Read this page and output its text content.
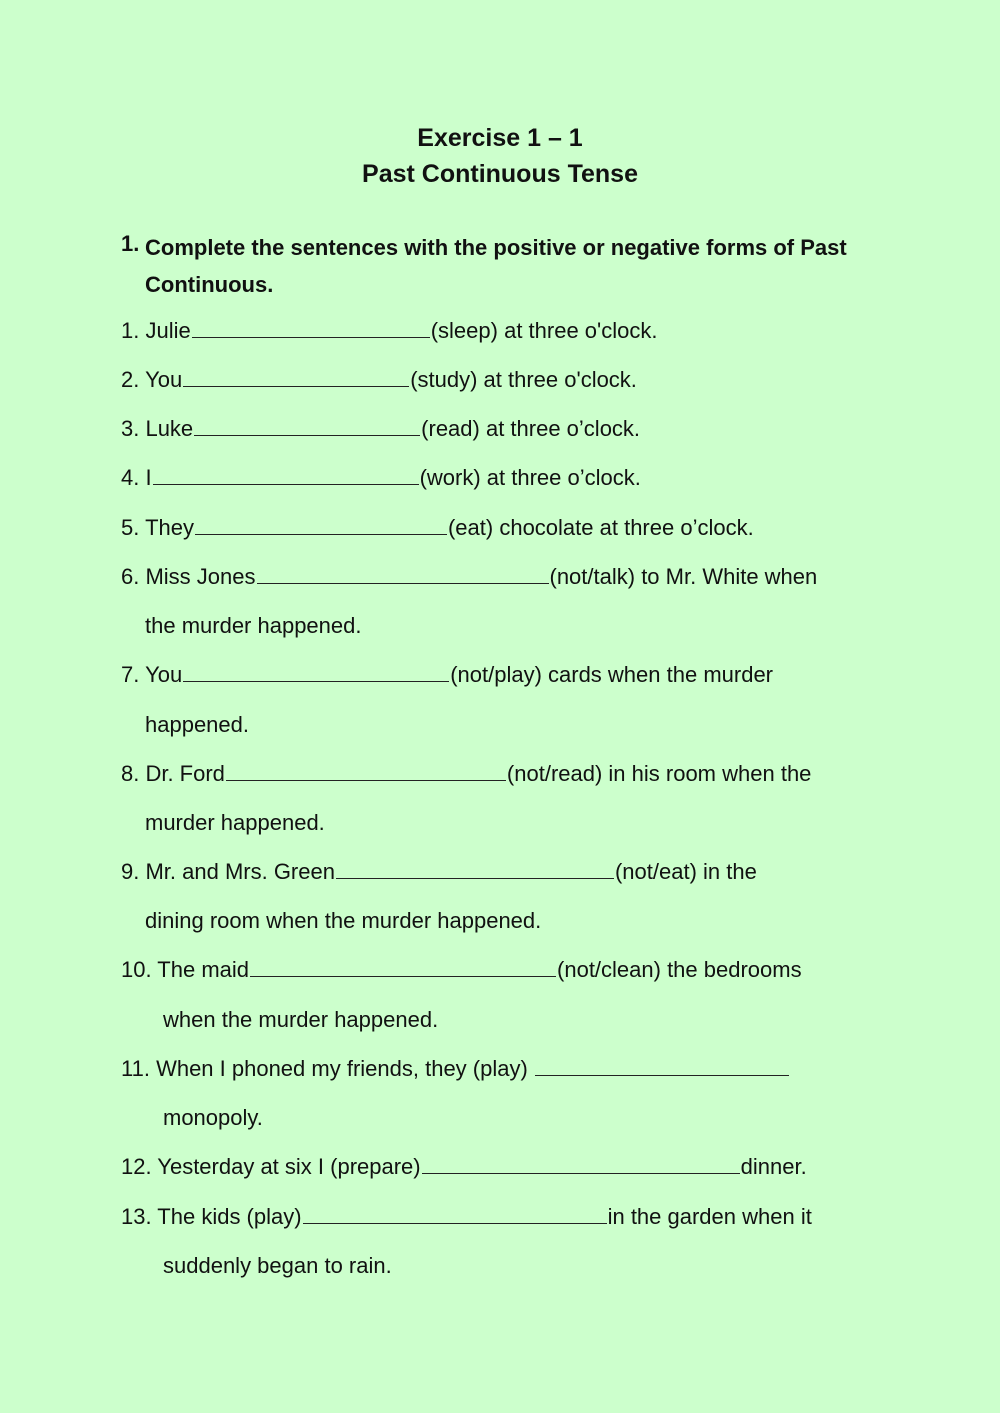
Exercise 1 – 1
Past Continuous Tense
1. Complete the sentences with the positive or negative forms of Past Continuous.
1. Julie	(sleep) at three o'clock.
2. You	(study) at three o'clock.
3. Luke	(read) at three o’clock.
4. I	(work) at three o’clock.
5. They	(eat) chocolate at three o’clock.
6. Miss Jones	(not/talk) to Mr. White when
the murder happened.
7. You	(not/play) cards when the murder
happened.
8. Dr. Ford	(not/read) in his room when the
murder happened.
9. Mr. and Mrs. Green	(not/eat) in the
dining room when the murder happened.
10. The maid	(not/clean) the bedrooms
when the murder happened.
11. When I phoned my friends, they (play)
monopoly.
12. Yesterday at six I (prepare)	dinner.
13. The kids (play)	in the garden when it
suddenly began to rain.
